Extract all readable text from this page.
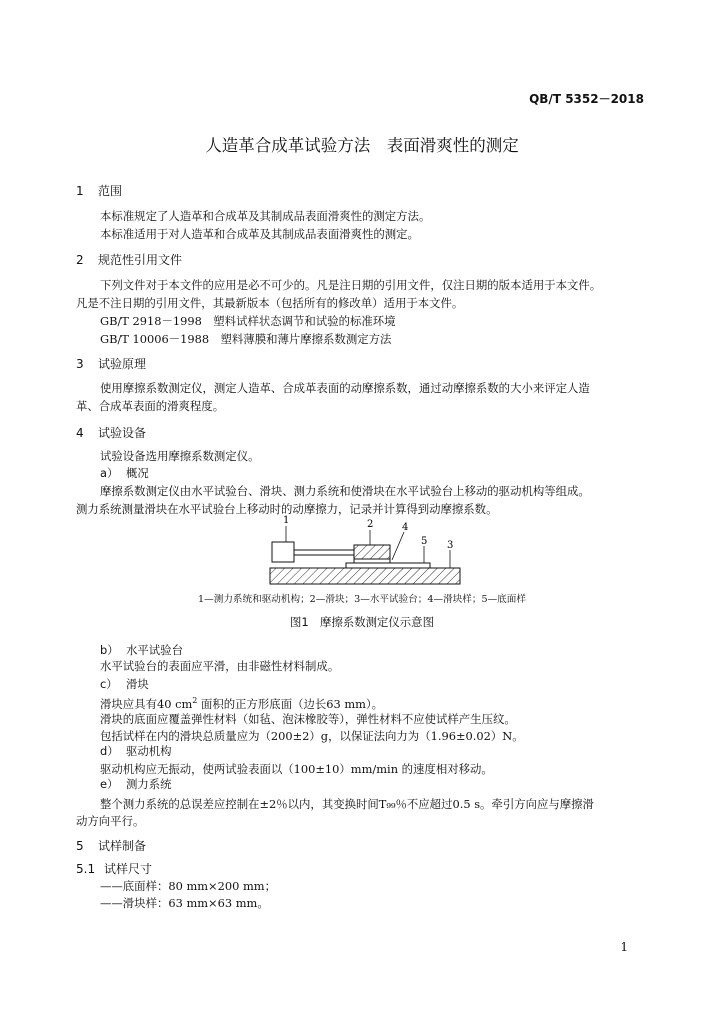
QB/T 5352－2018
人造革合成革试验方法　表面滑爽性的测定
1 范围
本标准规定了人造革和合成革及其制成品表面滑爽性的测定方法。
本标准适用于对人造革和合成革及其制成品表面滑爽性的测定。
2 规范性引用文件
下列文件对于本文件的应用是必不可少的。凡是注日期的引用文件，仅注日期的版本适用于本文件。
凡是不注日期的引用文件，其最新版本（包括所有的修改单）适用于本文件。
GB/T 2918－1998　塑料试样状态调节和试验的标准环境
GB/T 10006－1988　塑料薄膜和薄片摩擦系数测定方法
3 试验原理
使用摩擦系数测定仪，测定人造革、合成革表面的动摩擦系数，通过动摩擦系数的大小来评定人造
革、合成革表面的滑爽程度。
4 试验设备
试验设备选用摩擦系数测定仪。
a） 概况
摩擦系数测定仪由水平试验台、滑块、测力系统和使滑块在水平试验台上移动的驱动机构等组成。
测力系统测量滑块在水平试验台上移动时的动摩擦力，记录并计算得到动摩擦系数。
1	2	4
5 3
1—测力系统和驱动机构；2—滑块；3—水平试验台；4—滑块样；5—底面样
图1　摩擦系数测定仪示意图
b） 水平试验台
水平试验台的表面应平滑，由非磁性材料制成。
c） 滑块
滑块应具有40 $cm^2$ 面积的正方形底面（边长63 mm）。
滑块的底面应覆盖弹性材料（如毡、泡沫橡胶等），弹性材料不应使试样产生压纹。
包括试样在内的滑块总质量应为（200±2）g，以保证法向力为（1.96±0.02）N。
d） 驱动机构
驱动机构应无振动，使两试验表面以（100±10）mm/min 的速度相对移动。
e） 测力系统
整个测力系统的总误差应控制在±2％以内，其变换时间T₉₉％不应超过0.5 s。牵引方向应与摩擦滑
动方向平行。
5 试样制备
5.1 试样尺寸
——底面样：80 mm×200 mm；
——滑块样：63 mm×63 mm。
1
